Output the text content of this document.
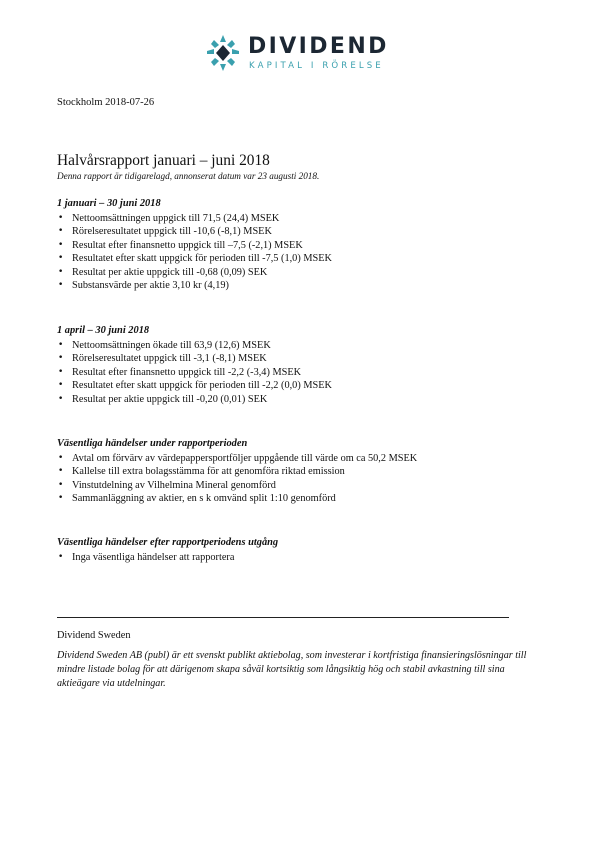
DIVIDEND
KAPITAL I RÖRELSE
Stockholm 2018-07-26
Halvårsrapport januari – juni 2018
Denna rapport är tidigarelagd, annonserat datum var 23 augusti 2018.
1 januari – 30 juni 2018
• Nettoomsättningen uppgick till 71,5 (24,4) MSEK
• Rörelseresultatet uppgick till -10,6 (-8,1) MSEK
• Resultat efter finansnetto uppgick till –7,5 (-2,1) MSEK
• Resultatet efter skatt uppgick för perioden till -7,5 (1,0) MSEK
• Resultat per aktie uppgick till -0,68 (0,09) SEK
• Substansvärde per aktie 3,10 kr (4,19)
1 april – 30 juni 2018
• Nettoomsättningen ökade till 63,9 (12,6) MSEK
• Rörelseresultatet uppgick till -3,1 (-8,1) MSEK
• Resultat efter finansnetto uppgick till -2,2 (-3,4) MSEK
• Resultatet efter skatt uppgick för perioden till -2,2 (0,0) MSEK
• Resultat per aktie uppgick till -0,20 (0,01) SEK
Väsentliga händelser under rapportperioden
• Avtal om förvärv av värdepappersportföljer uppgående till värde om ca 50,2 MSEK
• Kallelse till extra bolagsstämma för att genomföra riktad emission
• Vinstutdelning av Vilhelmina Mineral genomförd
• Sammanläggning av aktier, en s k omvänd split 1:10 genomförd
Väsentliga händelser efter rapportperiodens utgång
• Inga väsentliga händelser att rapportera
Dividend Sweden
Dividend Sweden AB (publ) är ett svenskt publikt aktiebolag, som investerar i kortfristiga finansieringslösningar till mindre listade bolag för att därigenom skapa såväl kortsiktig som långsiktig hög och stabil avkastning till sina aktieägare via utdelningar.
